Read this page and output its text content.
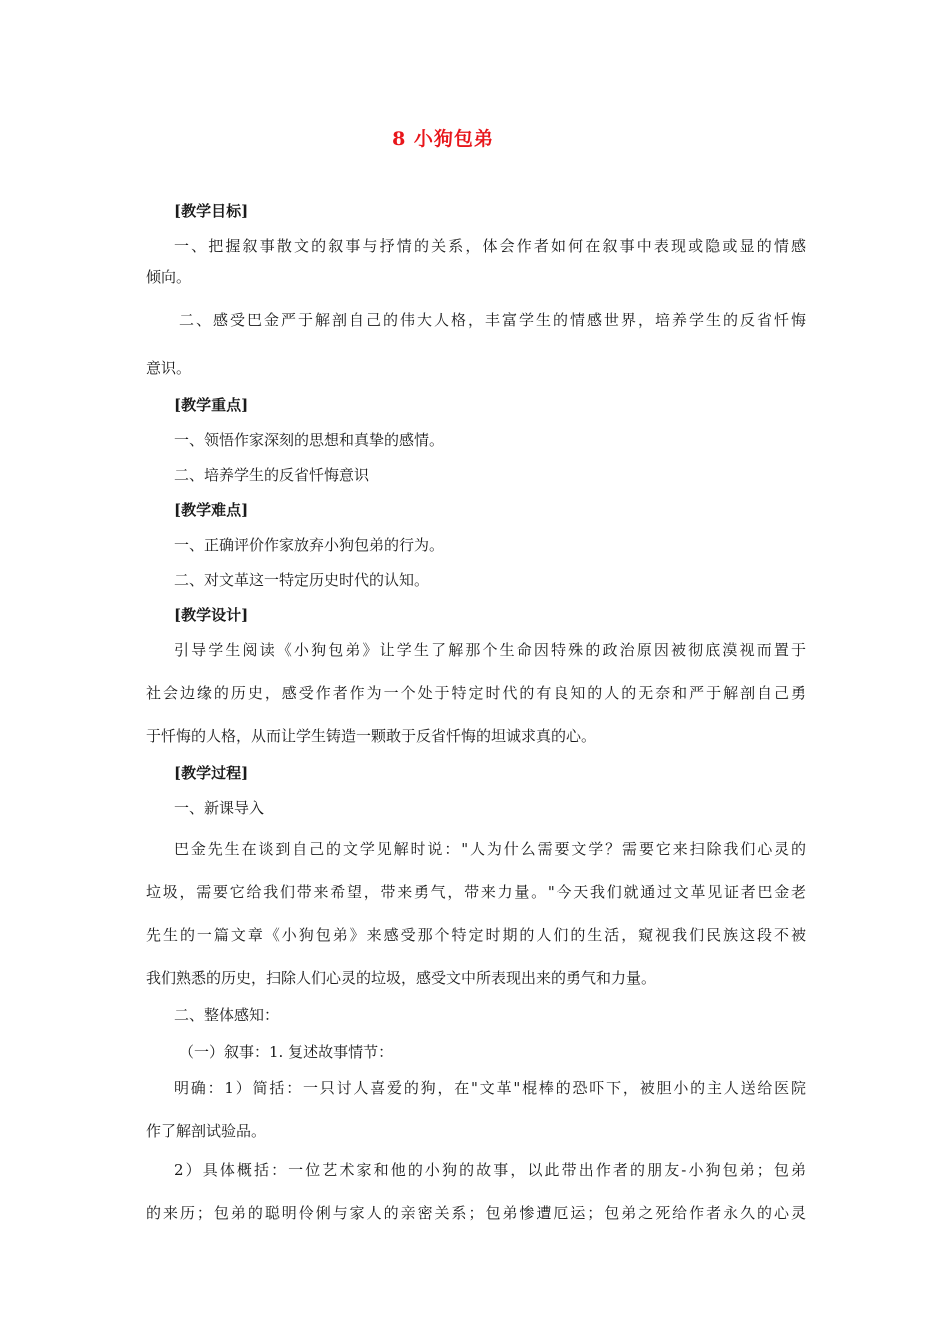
8 小狗包弟
[教学目标]
一、把握叙事散文的叙事与抒情的关系，体会作者如何在叙事中表现或隐或显的情感
倾向。
二、感受巴金严于解剖自己的伟大人格，丰富学生的情感世界，培养学生的反省忏悔
意识。
[教学重点]
一、领悟作家深刻的思想和真挚的感情。
二、培养学生的反省忏悔意识
[教学难点]
一、正确评价作家放弃小狗包弟的行为。
二、对文革这一特定历史时代的认知。
[教学设计]
引导学生阅读《小狗包弟》让学生了解那个生命因特殊的政治原因被彻底漠视而置于
社会边缘的历史，感受作者作为一个处于特定时代的有良知的人的无奈和严于解剖自己勇
于忏悔的人格，从而让学生铸造一颗敢于反省忏悔的坦诚求真的心。
[教学过程]
一、新课导入
巴金先生在谈到自己的文学见解时说："人为什么需要文学？需要它来扫除我们心灵的
垃圾，需要它给我们带来希望，带来勇气，带来力量。"今天我们就通过文革见证者巴金老
先生的一篇文章《小狗包弟》来感受那个特定时期的人们的生活，窥视我们民族这段不被
我们熟悉的历史，扫除人们心灵的垃圾，感受文中所表现出来的勇气和力量。
二、整体感知：
（一）叙事：1. 复述故事情节：
明确：1）简括：一只讨人喜爱的狗，在"文革"棍棒的恐吓下，被胆小的主人送给医院
作了解剖试验品。
2）具体概括：一位艺术家和他的小狗的故事，以此带出作者的朋友-小狗包弟；包弟
的来历；包弟的聪明伶俐与家人的亲密关系；包弟惨遭厄运；包弟之死给作者永久的心灵
